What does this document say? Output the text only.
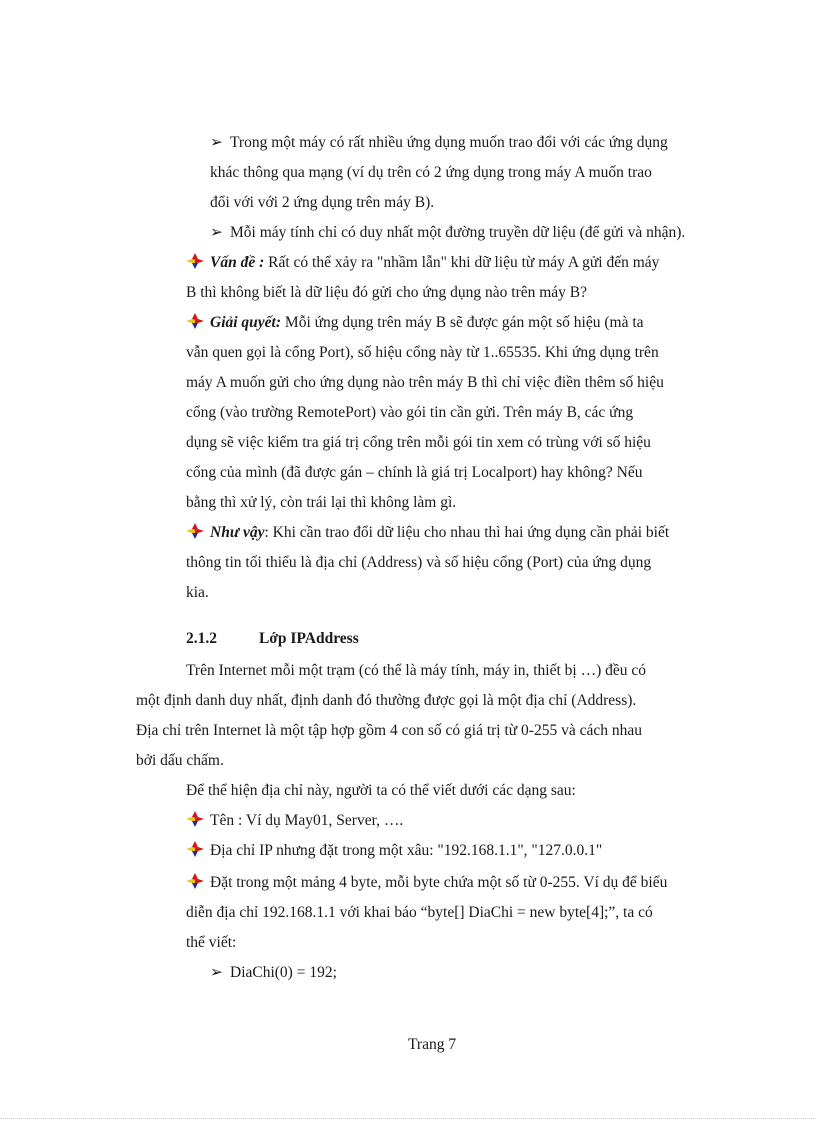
➢ Trong một máy có rất nhiều ứng dụng muốn trao đổi với các ứng dụng
khác thông qua mạng (ví dụ trên có 2 ứng dụng trong máy A muốn trao
đổi với với 2 ứng dụng trên máy B).
➢ Mỗi máy tính chỉ có duy nhất một đường truyền dữ liệu (để gửi và nhận).
Vấn đề : Rất có thể xảy ra "nhầm lẫn" khi dữ liệu từ máy A gửi đến máy
B thì không biết là dữ liệu đó gửi cho ứng dụng nào trên máy B?
Giải quyết: Mỗi ứng dụng trên máy B sẽ được gán một số hiệu (mà ta
vẫn quen gọi là cổng Port), số hiệu cổng này từ 1..65535. Khi ứng dụng trên
máy A muốn gửi cho ứng dụng nào trên máy B thì chỉ việc điền thêm số hiệu
cổng (vào trường RemotePort) vào gói tin cần gửi. Trên máy B, các ứng
dụng sẽ việc kiểm tra giá trị cổng trên mỗi gói tin xem có trùng với số hiệu
cổng của mình (đã được gán – chính là giá trị Localport) hay không? Nếu
bằng thì xử lý, còn trái lại thì không làm gì.
Như vậy: Khi cần trao đổi dữ liệu cho nhau thì hai ứng dụng cần phải biết
thông tin tối thiểu là địa chỉ (Address) và số hiệu cổng (Port) của ứng dụng
kia.
2.1.2	Lớp IPAddress
Trên Internet mỗi một trạm (có thể là máy tính, máy in, thiết bị …) đều có
một định danh duy nhất, định danh đó thường được gọi là một địa chỉ (Address).
Địa chỉ trên Internet là một tập hợp gồm 4 con số có giá trị từ 0-255 và cách nhau
bởi dấu chấm.
Để thể hiện địa chỉ này, người ta có thể viết dưới các dạng sau:
Tên : Ví dụ May01, Server, ….
Địa chỉ IP nhưng đặt trong một xâu: "192.168.1.1", "127.0.0.1"
Đặt trong một mảng 4 byte, mỗi byte chứa một số từ 0-255. Ví dụ để biểu
diễn địa chỉ 192.168.1.1 với khai báo “byte[] DiaChi = new byte[4];”, ta có
thể viết:
➢ DiaChi(0) = 192;
Trang 7
